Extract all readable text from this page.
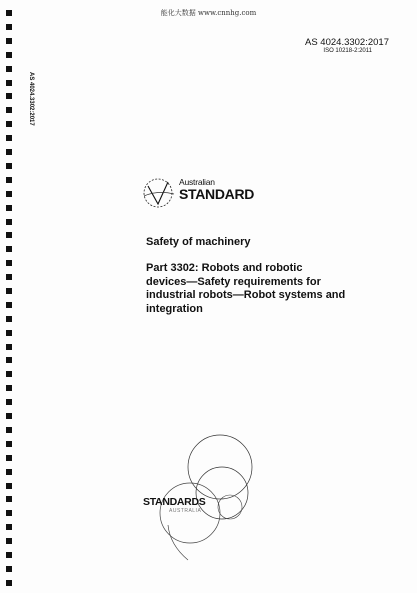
能化大数据 www.cnnhg.com
AS 4024.3302:2017
ISO 10218-2:2011
AS 4024.3302:2017
Australian
STANDARD
Safety of machinery
Part 3302: Robots and robotic
devices—Safety requirements for
industrial robots—Robot systems and
integration
STANDARDS
AUSTRALIA
